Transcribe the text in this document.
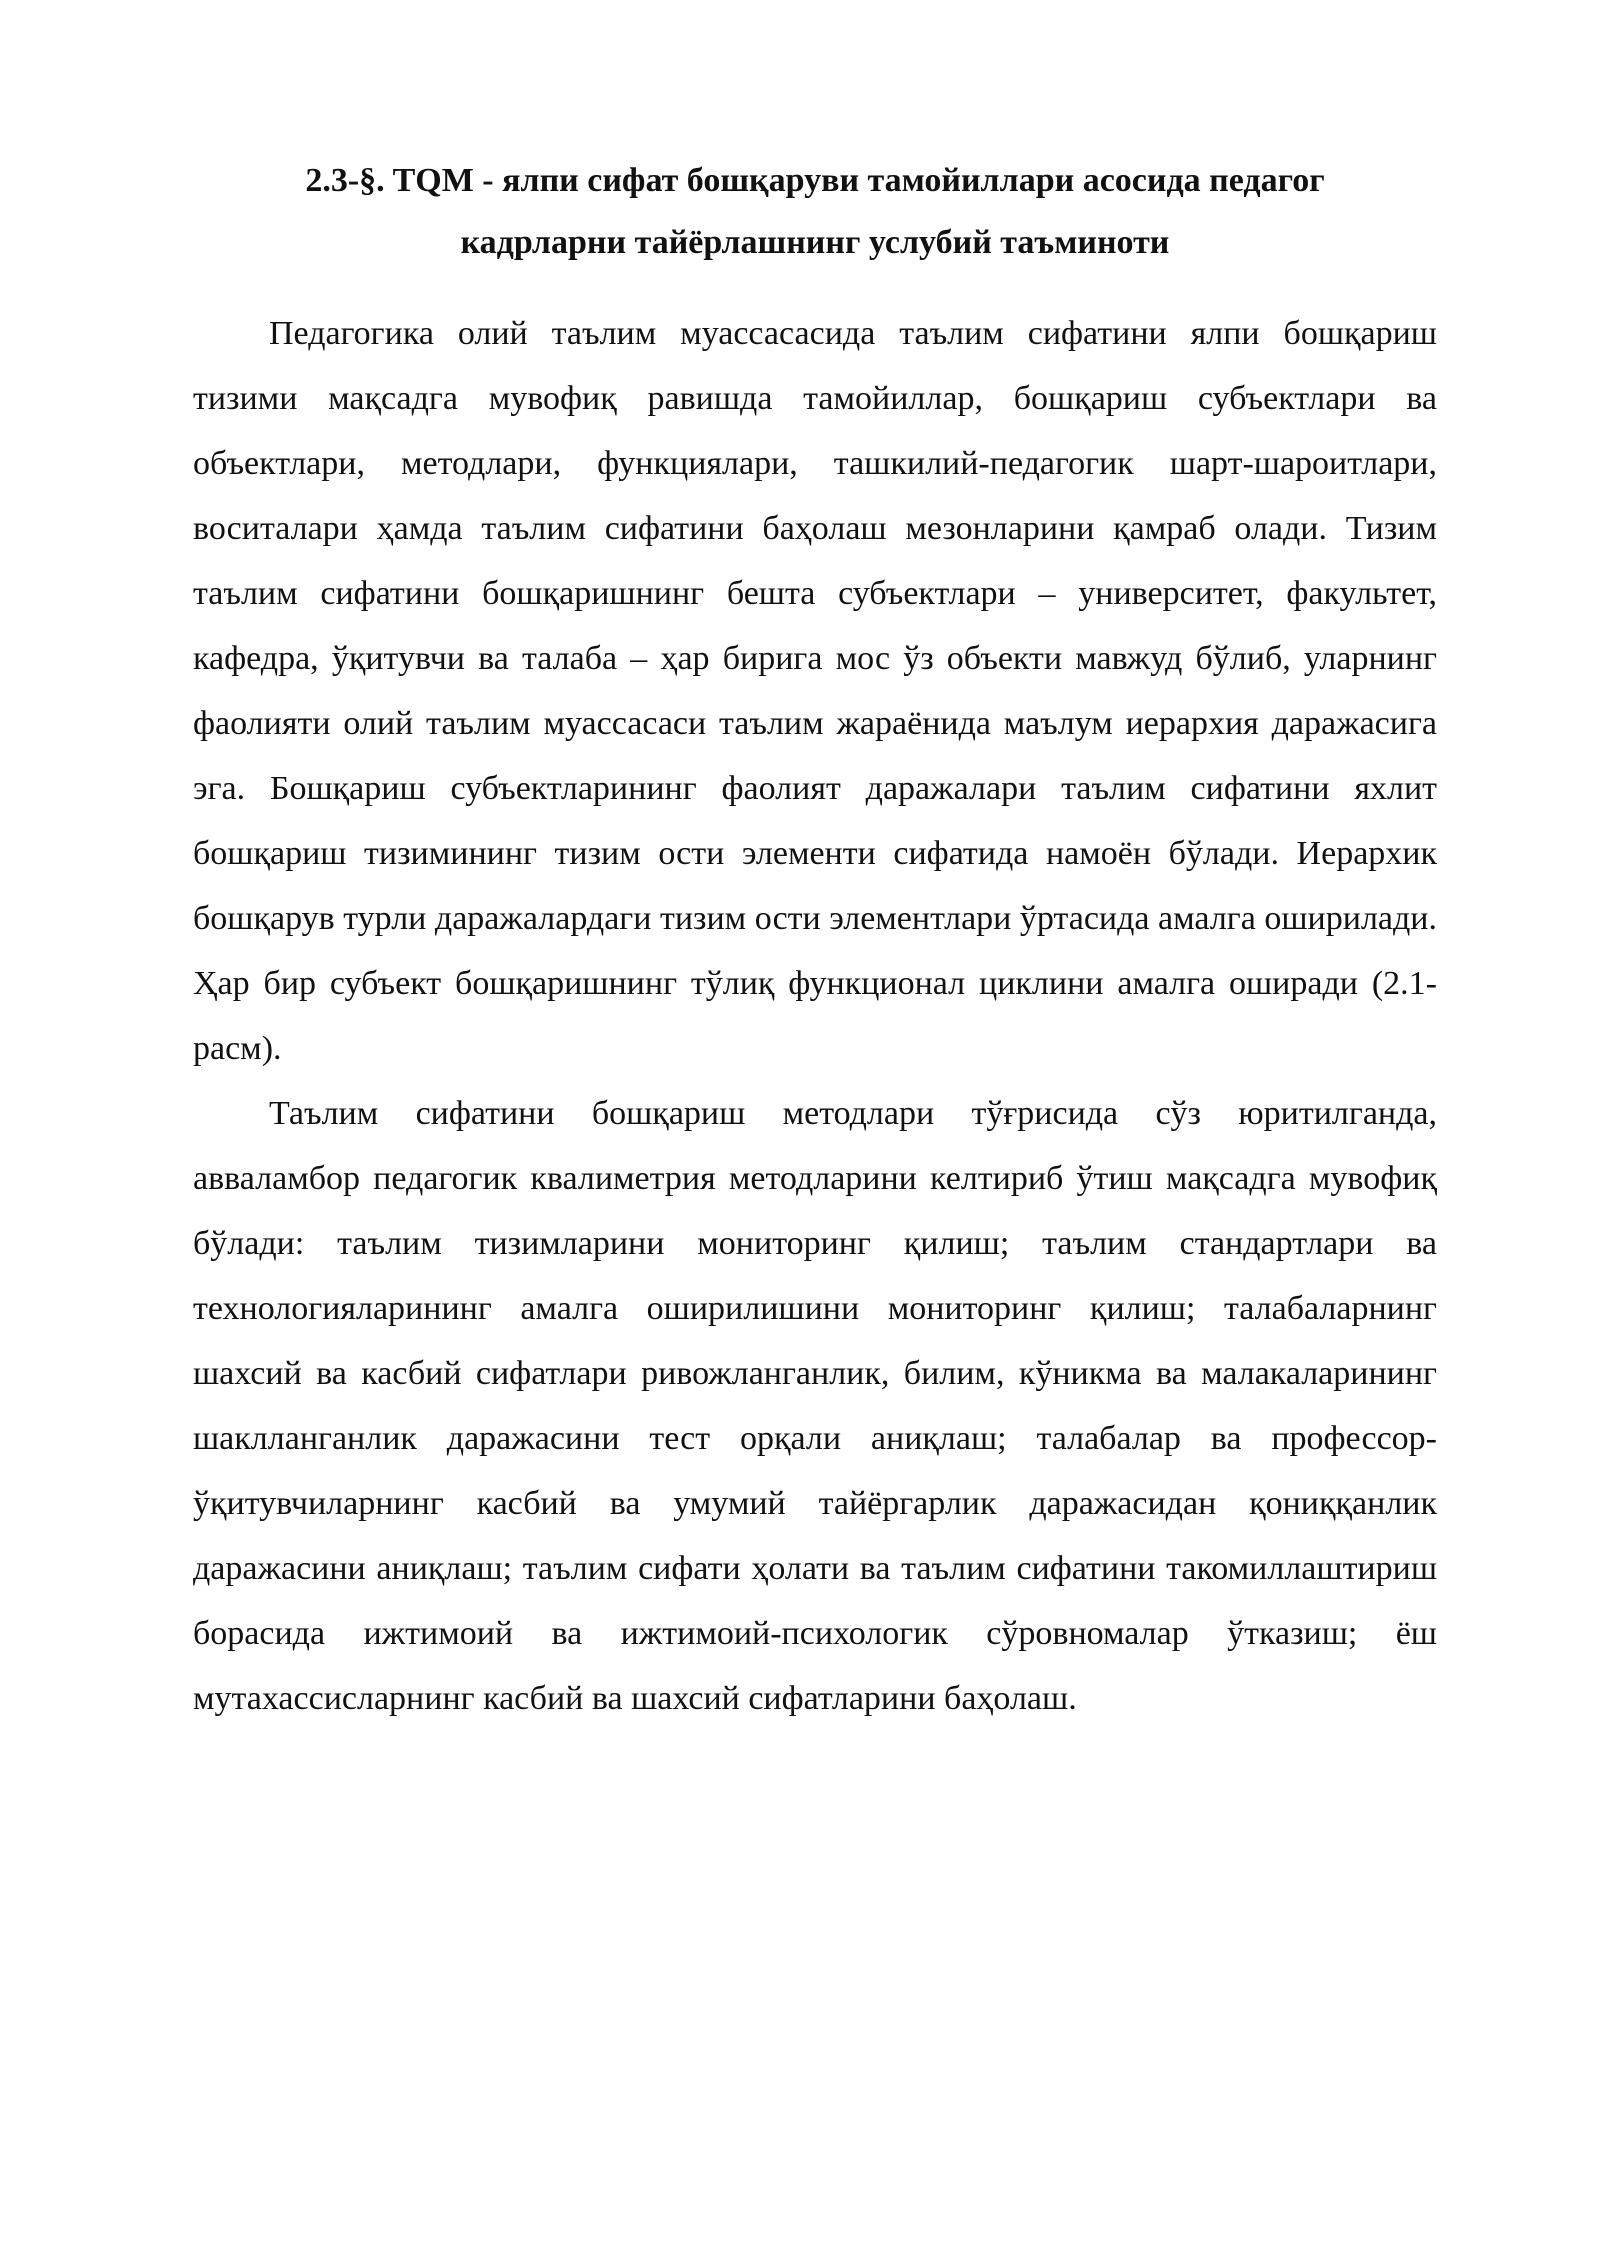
2.3-§. TQM - ялпи сифат бошқаруви тамойиллари асосида педагог
кадрларни тайёрлашнинг услубий таъминоти

Педагогика олий таълим муассасасида таълим сифатини ялпи бошқариш тизими мақсадга мувофиқ равишда тамойиллар, бошқариш субъектлари ва объектлари, методлари, функциялари, ташкилий-педагогик шарт-шароитлари, воситалари ҳамда таълим сифатини баҳолаш мезонларини қамраб олади. Тизим таълим сифатини бошқаришнинг бешта субъектлари – университет, факультет, кафедра, ўқитувчи ва талаба – ҳар бирига мос ўз объекти мавжуд бўлиб, уларнинг фаолияти олий таълим муассасаси таълим жараёнида маълум иерархия даражасига эга. Бошқариш субъектларининг фаолият даражалари таълим сифатини яхлит бошқариш тизимининг тизим ости элементи сифатида намоён бўлади. Иерархик бошқарув турли даражалардаги тизим ости элементлари ўртасида амалга оширилади. Ҳар бир субъект бошқаришнинг тўлиқ функционал циклини амалга оширади (2.1-расм).

Таълим сифатини бошқариш методлари тўғрисида сўз юритилганда, авваламбор педагогик квалиметрия методларини келтириб ўтиш мақсадга мувофиқ бўлади: таълим тизимларини мониторинг қилиш; таълим стандартлари ва технологияларининг амалга оширилишини мониторинг қилиш; талабаларнинг шахсий ва касбий сифатлари ривожланганлик, билим, кўникма ва малакаларининг шаклланганлик даражасини тест орқали аниқлаш; талабалар ва профессор-ўқитувчиларнинг касбий ва умумий тайёргарлик даражасидан қониққанлик даражасини аниқлаш; таълим сифати ҳолати ва таълим сифатини такомиллаштириш борасида ижтимоий ва ижтимоий-психологик сўровномалар ўтказиш; ёш мутахассисларнинг касбий ва шахсий сифатларини баҳолаш.
